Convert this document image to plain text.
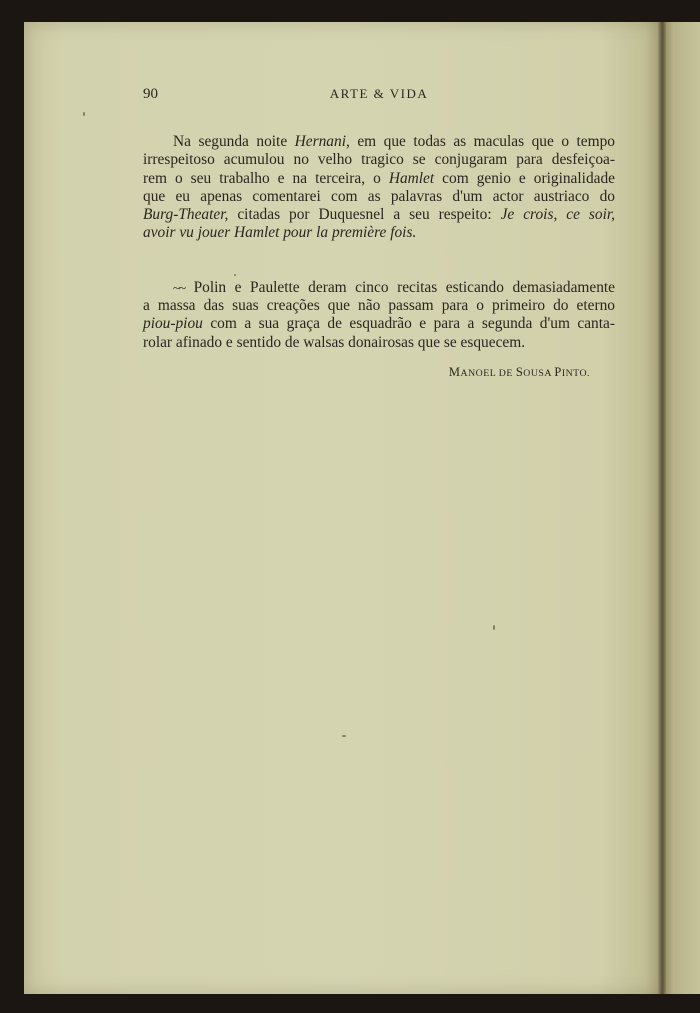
90	ARTE & VIDA
Na segunda noite Hernani, em que todas as maculas que o tempo
irrespeitoso acumulou no velho tragico se conjugaram para desfeiçoa-
rem o seu trabalho e na terceira, o Hamlet com genio e originalidade
que eu apenas comentarei com as palavras d'um actor austriaco do
Burg-Theater, citadas por Duquesnel a seu respeito: Je crois, ce soir,
avoir vu jouer Hamlet pour la première fois.
~~ Polin e Paulette deram cinco recitas esticando demasiadamente
a massa das suas creações que não passam para o primeiro do eterno
piou-piou com a sua graça de esquadrão e para a segunda d'um canta-
rolar afinado e sentido de walsas donairosas que se esquecem.
MANOEL DE SOUSA PINTO.
